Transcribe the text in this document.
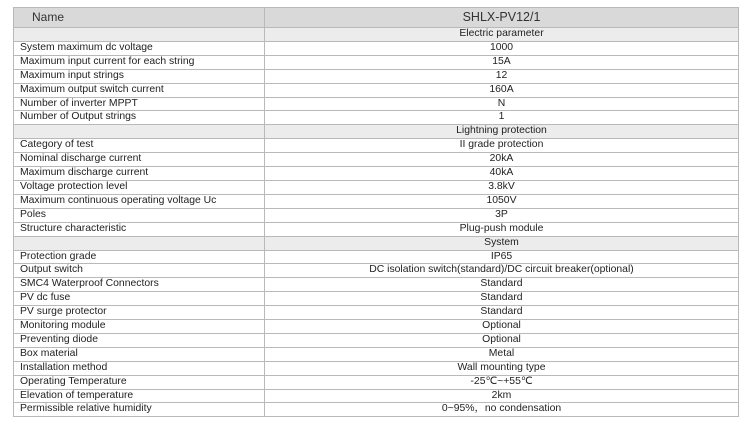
Name	SHLX-PV12/1
	Electric parameter
System maximum dc voltage	1000
Maximum input current for each string	15A
Maximum input strings	12
Maximum output switch current	160A
Number of inverter MPPT	N
Number of Output strings	1
	Lightning protection
Category of test	II grade protection
Nominal discharge current	20kA
Maximum discharge current	40kA
Voltage protection level	3.8kV
Maximum continuous operating voltage Uc	1050V
Poles	3P
Structure characteristic	Plug-push module
	System
Protection grade	IP65
Output switch	DC isolation switch(standard)/DC circuit breaker(optional)
SMC4 Waterproof Connectors	Standard
PV dc fuse	Standard
PV surge protector	Standard
Monitoring module	Optional
Preventing diode	Optional
Box material	Metal
Installation method	Wall mounting type
Operating Temperature	-25℃~+55℃
Elevation of temperature	2km
Permissible relative humidity	0~95%，no condensation
